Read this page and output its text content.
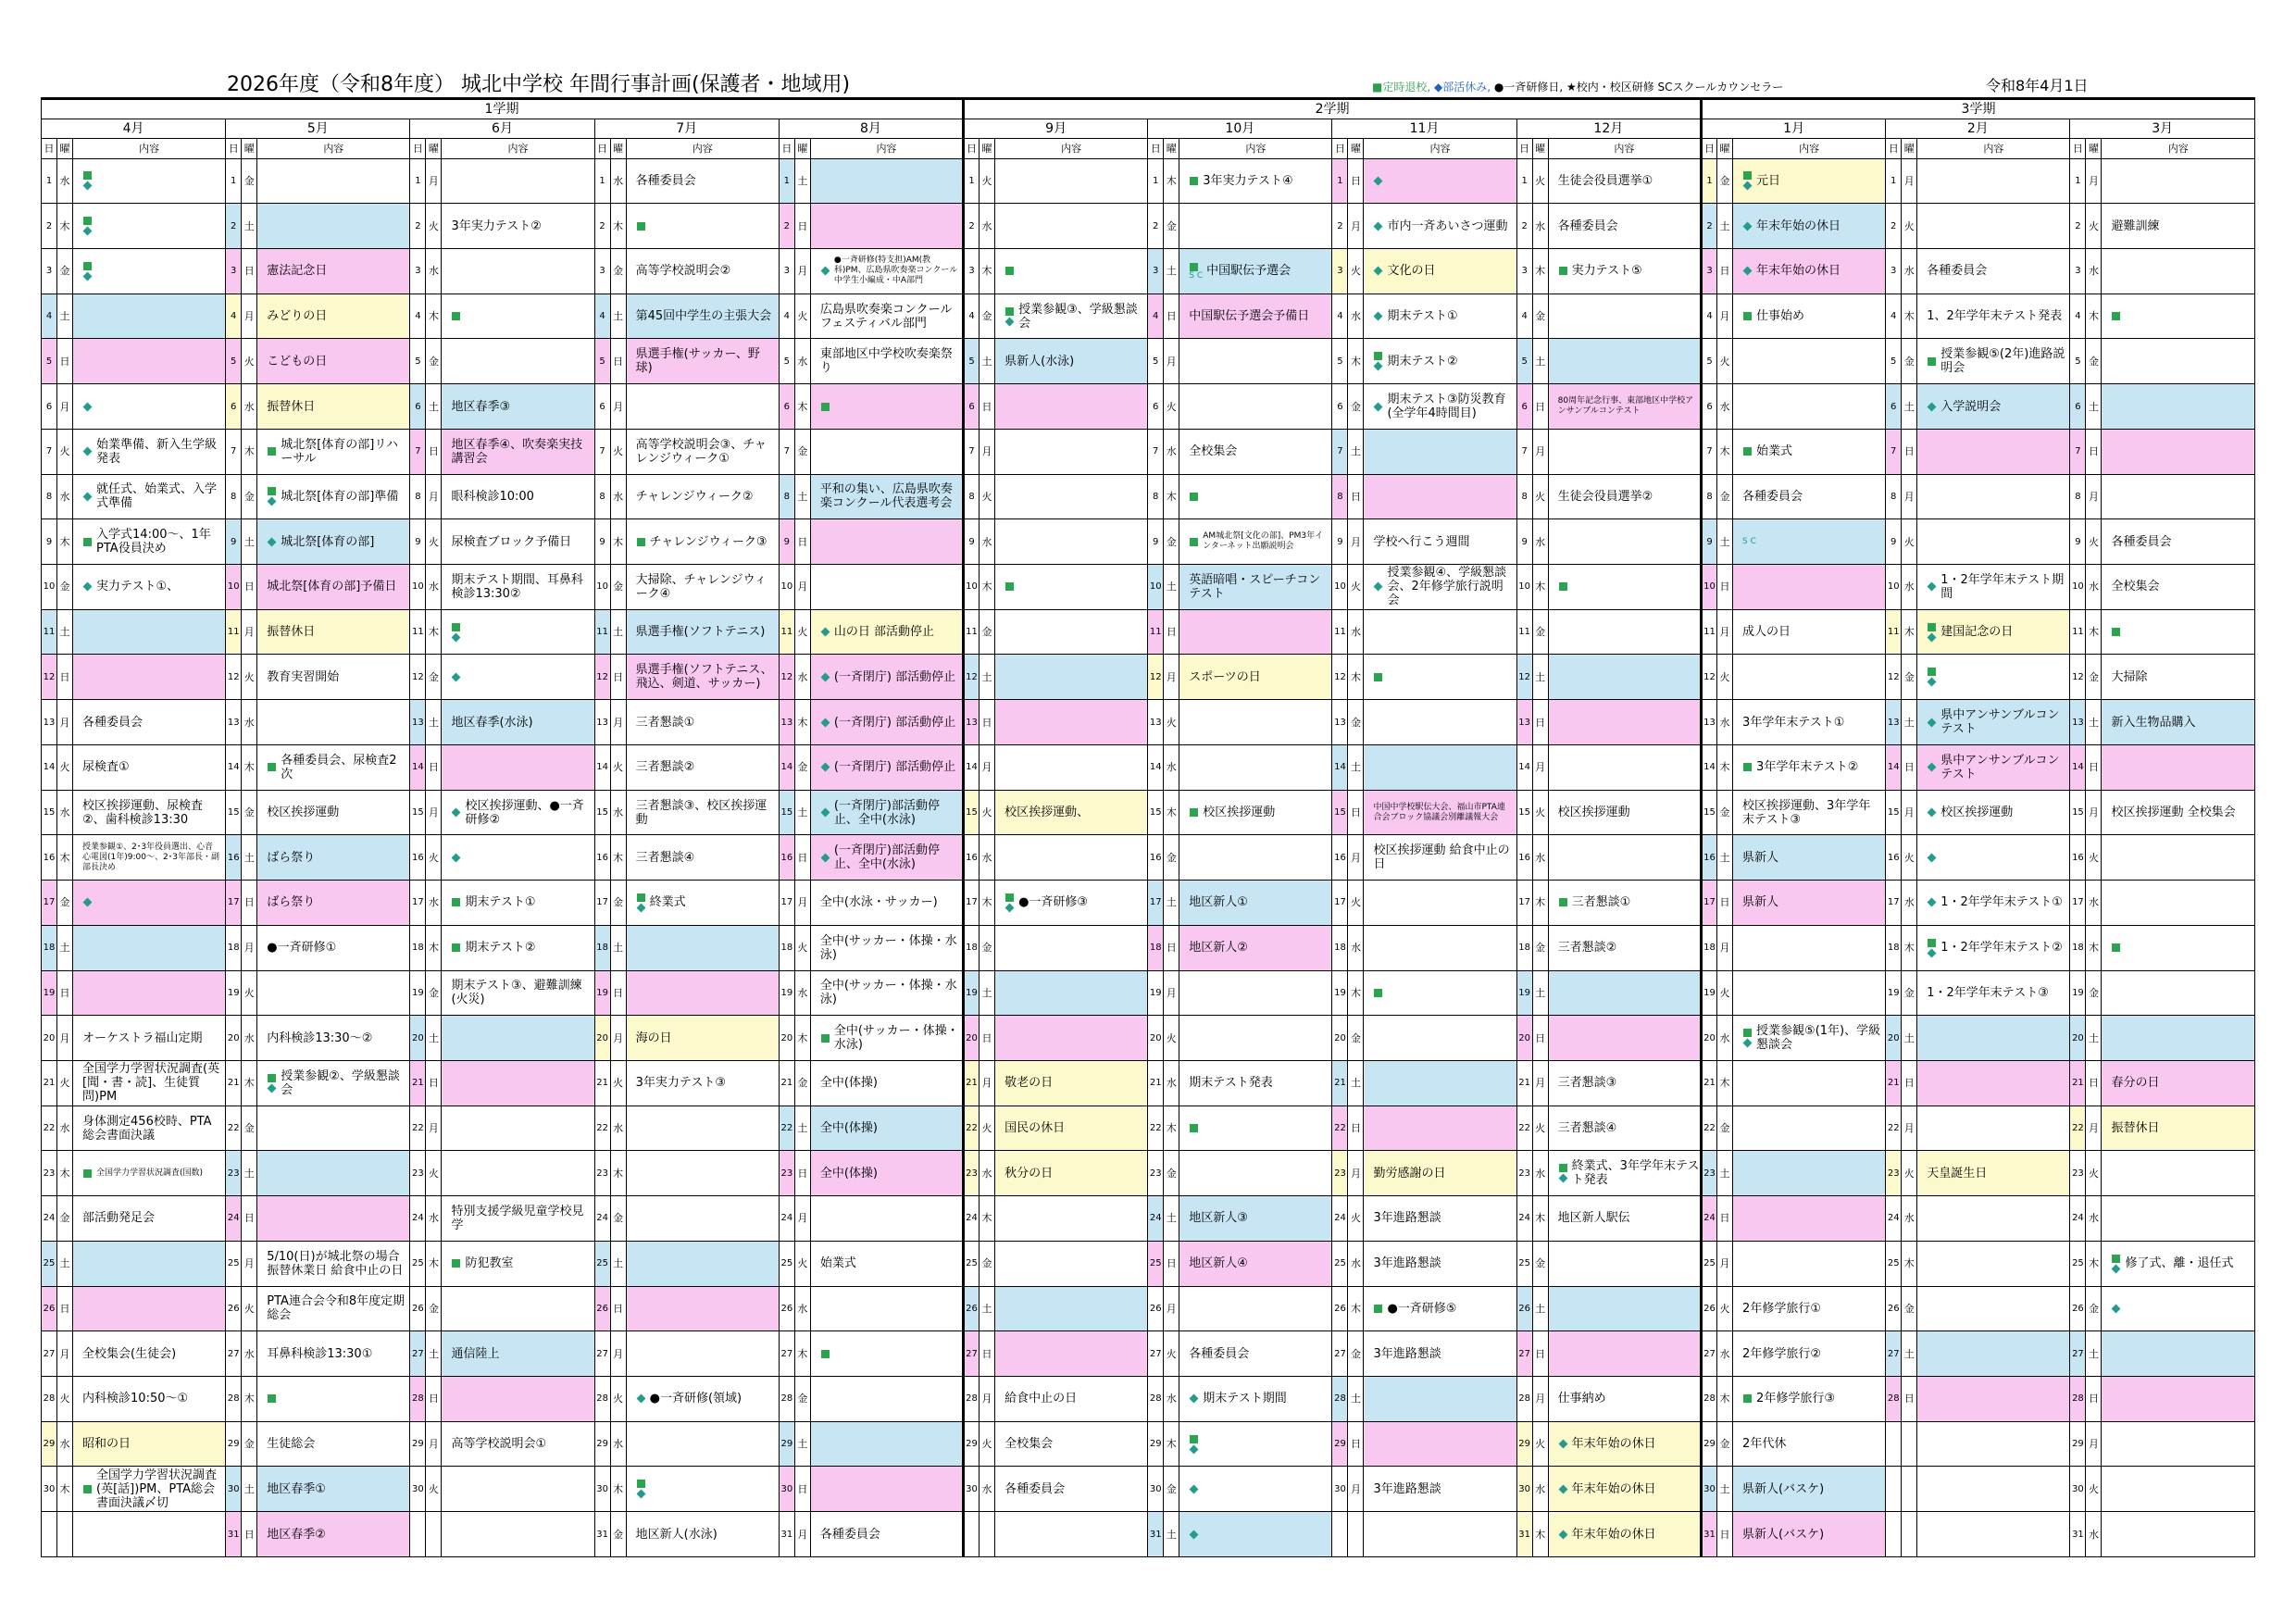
2026年度（令和8年度） 城北中学校 年間行事計画(保護者・地域用)	■定時退校, ◆部活休み, ●一斉研修日, ★校内・校区研修 SCスクールカウンセラー	令和8年4月1日
1学期															2学期												3学期								
4月			5月			6月			7月			8月			9月			10月			11月			12月			1月			2月			3月		
日	曜	内容	日	曜	内容	日	曜	内容	日	曜	内容	日	曜	内容	日	曜	内容	日	曜	内容	日	曜	内容	日	曜	内容	日	曜	内容	日	曜	内容	日	曜	内容
1	水		1	金		1	月		1	水	各種委員会	1	土		1	火		1	木	3年実力テスト④	1	日		1	火	生徒会役員選挙①	1	金	元日	1	月		1	月	
2	木		2	土		2	火	3年実力テスト②	2	木		2	日		2	水		2	金		2	月	市内一斉あいさつ運動	2	水	各種委員会	2	土	年末年始の休日	2	火		2	火	避難訓練
3	金		3	日	憲法記念日	3	水		3	金	高等学校説明会②	3	月	●一斉研修(特支担)AM(教科)PM、広島県吹奏楽コンクール中学生小編成・中A部門	3	木		3	土	S C 中国駅伝予選会	3	火	文化の日	3	木	実力テスト⑤	3	日	年末年始の休日	3	水	各種委員会	3	水	
4	土		4	月	みどりの日	4	木		4	土	第45回中学生の主張大会	4	火	広島県吹奏楽コンクールフェスティバル部門	4	金	授業参観③、学級懇談会	4	日	中国駅伝予選会予備日	4	水	期末テスト①	4	金		4	月	仕事始め	4	木	1、2年学年末テスト発表	4	木	

5	日		5	火	こどもの日	5	金		5	日	県選手権(サッカー、野球)	5	水	東部地区中学校吹奏楽祭り	5	土	県新人(水泳)	5	月		5	木	期末テスト②	5	土		5	火		5	金	授業参観⑤(2年)進路説明会	5	金	
6	月		6	水	振替休日	6	土	地区春季③	6	月		6	木		6	日		6	火		6	金	期末テスト③防災教育(全学年4時間目)	6	日	80周年記念行事、東部地区中学校アンサンブルコンテスト	6	水		6	土	入学説明会	6	土	
7	火	始業準備、新入生学級発表	7	木	城北祭[体育の部]リハーサル	7	日	地区春季④、吹奏楽実技講習会	7	火	高等学校説明会③、チャレンジウィーク①	7	金		7	月		7	水	全校集会	7	土		7	月		7	木	始業式	7	日		7	日	
8	水	就任式、始業式、入学式準備	8	金	城北祭[体育の部]準備	8	月	眼科検診10:00	8	水	チャレンジウィーク②	8	土	平和の集い、広島県吹奏楽コンクール代表選考会	8	火		8	木		8	日		8	火	生徒会役員選挙②	8	金	各種委員会	8	月		8	月	
9	木	入学式14:00～、1年PTA役員決め	9	土	城北祭[体育の部]	9	火	尿検査ブロック予備日	9	木	チャレンジウィーク③	9	日		9	水		9	金	AM城北祭[文化の部]、PM3年インターネット出願説明会	9	月	学校へ行こう週間	9	水		9	土	S C	9	火		9	火	各種委員会
10	金	実力テスト①、	10	日	城北祭[体育の部]予備日	10	水	期末テスト期間、耳鼻科検診13:30②	10	金	大掃除、チャレンジウィーク④	10	月		10	木		10	土	英語暗唱・スピーチコンテスト	10	火	授業参観④、学級懇談会、2年修学旅行説明会	10	木		10	日		10	水	1・2年学年末テスト期間	10	水	全校集会
11	土		11	月	振替休日	11	木		11	土	県選手権(ソフトテニス)	11	火	山の日 部活動停止	11	金		11	日		11	水		11	金		11	月	成人の日	11	木	建国記念の日	11	木	

12	日		12	火	教育実習開始	12	金		12	日	県選手権(ソフトテニス、飛込、剣道、サッカー)	12	水	(一斉閉庁) 部活動停止	12	土		12	月	スポーツの日	12	木		12	土		12	火		12	金		12	金	大掃除
13	月	各種委員会	13	水		13	土	地区春季(水泳)	13	月	三者懇談①	13	木	(一斉閉庁) 部活動停止	13	日		13	火		13	金		13	日		13	水	3年学年末テスト①	13	土	県中アンサンブルコンテスト	13	土	新入生物品購入
14	火	尿検査①	14	木	各種委員会、尿検査2次	14	日		14	火	三者懇談②	14	金	(一斉閉庁) 部活動停止	14	月		14	水		14	土		14	月		14	木	3年学年末テスト②	14	日	県中アンサンブルコンテスト	14	日	
15	水	校区挨拶運動、尿検査②、歯科検診13:30	15	金	校区挨拶運動	15	月	校区挨拶運動、●一斉研修②	15	水	三者懇談③、校区挨拶運動	15	土	(一斉閉庁)部活動停止、全中(水泳)	15	火	校区挨拶運動、	15	木	校区挨拶運動	15	日	中国中学校駅伝大会、福山市PTA連合会ブロック協議会別離議報大会	15	火	校区挨拶運動	15	金	校区挨拶運動、3年学年末テスト③	15	月	校区挨拶運動	15	月	校区挨拶運動 全校集会
16	木	授業参観①、2･3年役員選出、心音心電図(1年)9:00～、2･3年部長・副部長決め	16	土	ばら祭り	16	火		16	木	三者懇談④	16	日	(一斉閉庁)部活動停止、全中(水泳)	16	水		16	金		16	月	校区挨拶運動 給食中止の日	16	水		16	土	県新人	16	火		16	火	
17	金		17	日	ばら祭り	17	水	期末テスト①	17	金	終業式	17	月	全中(水泳・サッカー)	17	木	●一斉研修③	17	土	地区新人①	17	火		17	木	三者懇談①	17	日	県新人	17	水	1・2年学年末テスト①	17	水	
18	土		18	月	●一斉研修①	18	木	期末テスト②	18	土		18	火	全中(サッカー・体操・水泳)	18	金		18	日	地区新人②	18	水		18	金	三者懇談②	18	月		18	木	1・2年学年末テスト②	18	木	

19	日		19	火		19	金	期末テスト③、避難訓練(火災)	19	日		19	水	全中(サッカー・体操・水泳)	19	土		19	月		19	木		19	土		19	火		19	金	1・2年学年末テスト③	19	金	
20	月	オーケストラ福山定期	20	水	内科検診13:30～②	20	土		20	月	海の日	20	木	全中(サッカー・体操・水泳)	20	日		20	火		20	金		20	日		20	水	授業参観⑤(1年)、学級懇談会	20	土		20	土	
21	火	全国学力学習状況調査(英[聞・書・読]、生徒質問)PM	21	木	授業参観②、学級懇談会	21	日		21	火	3年実力テスト③	21	金	全中(体操)	21	月	敬老の日	21	水	期末テスト発表	21	土		21	月	三者懇談③	21	木		21	日		21	日	春分の日
22	水	身体測定456校時、PTA総会書面決議	22	金		22	月		22	水		22	土	全中(体操)	22	火	国民の休日	22	木		22	日		22	火	三者懇談④	22	金		22	月		22	月	振替休日
23	木	全国学力学習状況調査(国数)	23	土		23	火		23	木		23	日	全中(体操)	23	水	秋分の日	23	金		23	月	勤労感謝の日	23	水	終業式、3年学年末テスト発表	23	土		23	火	天皇誕生日	23	火	
24	金	部活動発足会	24	日		24	水	特別支援学級児童学校見学	24	金		24	月		24	木		24	土	地区新人③	24	火	3年進路懇談	24	木	地区新人駅伝	24	日		24	水		24	水	
25	土		25	月	5/10(日)が城北祭の場合振替休業日 給食中止の日	25	木	防犯教室	25	土		25	火	始業式	25	金		25	日	地区新人④	25	水	3年進路懇談	25	金		25	月		25	木		25	木	修了式、離・退任式
26	日		26	火	PTA連合会令和8年度定期総会	26	金		26	日		26	水		26	土		26	月		26	木	●一斉研修⑤	26	土		26	火	2年修学旅行①	26	金		26	金	

27	月	全校集会(生徒会)	27	水	耳鼻科検診13:30①	27	土	通信陸上	27	月		27	木		27	日		27	火	各種委員会	27	金	3年進路懇談	27	日		27	水	2年修学旅行②	27	土		27	土	
28	火	内科検診10:50～①	28	木		28	日		28	火	●一斉研修(領域)	28	金		28	月	給食中止の日	28	水	期末テスト期間	28	土		28	月	仕事納め	28	木	2年修学旅行③	28	日		28	日	
29	水	昭和の日	29	金	生徒総会	29	月	高等学校説明会①	29	水		29	土		29	火	全校集会	29	木		29	日		29	火	年末年始の休日	29	金	2年代休				29	月	
30	木	全国学力学習状況調査(英[話])PM、PTA総会書面決議〆切	30	土	地区春季①	30	火		30	木		30	日		30	水	各種委員会	30	金		30	月	3年進路懇談	30	水	年末年始の休日	30	土	県新人(バスケ)				30	火	
			31	日	地区春季②				31	金	地区新人(水泳)	31	月	各種委員会				31	土					31	木	年末年始の休日	31	日	県新人(バスケ)				31	水	
